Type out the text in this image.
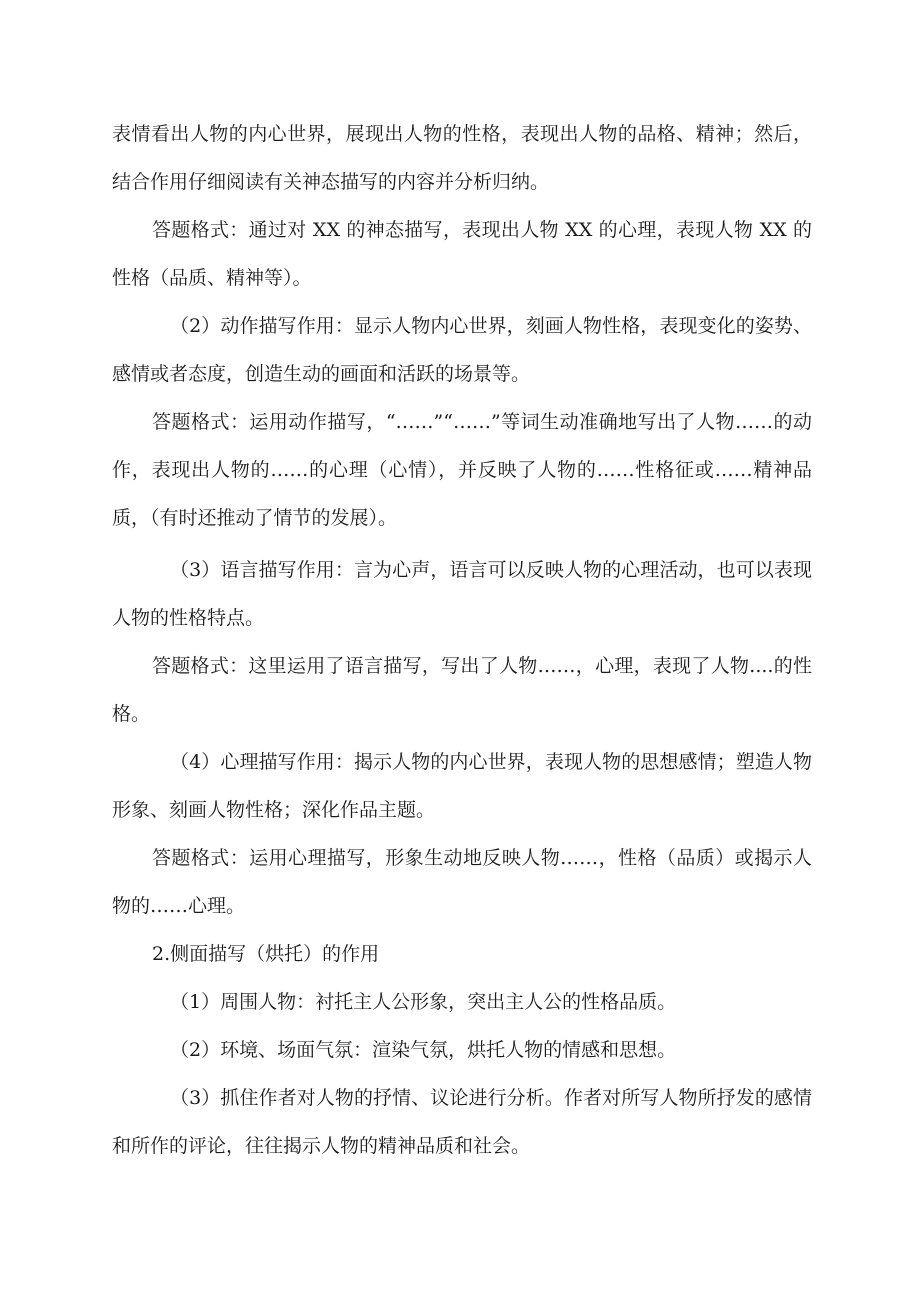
表情看出人物的内心世界，展现出人物的性格，表现出人物的品格、精神；然后，结合作用仔细阅读有关神态描写的内容并分析归纳。

答题格式：通过对 XX 的神态描写，表现出人物 XX 的心理，表现人物 XX 的性格（品质、精神等）。

（2）动作描写作用：显示人物内心世界，刻画人物性格，表现变化的姿势、感情或者态度，创造生动的画面和活跃的场景等。

答题格式：运用动作描写，“……”“……”等词生动准确地写出了人物……的动作，表现出人物的……的心理（心情），并反映了人物的……性格征或……精神品质，（有时还推动了情节的发展）。

（3）语言描写作用：言为心声，语言可以反映人物的心理活动，也可以表现人物的性格特点。

答题格式：这里运用了语言描写，写出了人物……，心理，表现了人物....的性格。

（4）心理描写作用：揭示人物的内心世界，表现人物的思想感情；塑造人物形象、刻画人物性格；深化作品主题。

答题格式：运用心理描写，形象生动地反映人物……，性格（品质）或揭示人物的……心理。

2.侧面描写（烘托）的作用

（1）周围人物：衬托主人公形象，突出主人公的性格品质。

（2）环境、场面气氛：渲染气氛，烘托人物的情感和思想。

（3）抓住作者对人物的抒情、议论进行分析。作者对所写人物所抒发的感情和所作的评论，往往揭示人物的精神品质和社会。
